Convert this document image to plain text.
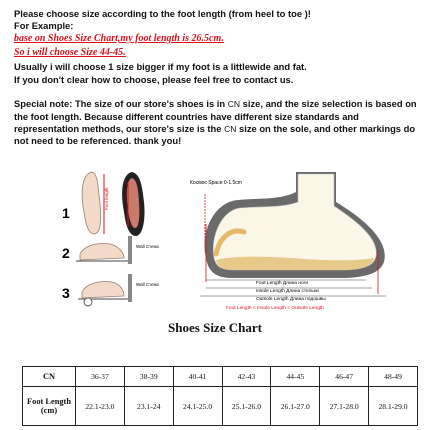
Please choose size according to the foot length (from heel to toe )!
For Example:
base on Shoes Size Chart,my foot length is 26.5cm.
So i will choose Size 44-45.
Usually i will choose 1 size bigger if my foot is a littlewide and fat.
If you don't clear how to choose, please feel free to contact us.
Special note: The size of our store's shoes is in CN size, and the size selection is based on the foot length. Because different countries have different size standards and representation methods, our store's size is the CN size on the sole, and other markings do not need to be referenced. thank you!
1
Foot length
2	Wall Стена
3
Wall Стена
Космос Space 0-1.5cm
Foot Length Длина ноги
Insole Length Длина стельки
Outsole Length Длина подошвы
Foot Length < Insole Length < Outsole Length
Shoes Size Chart
CN	36-37	38-39	40-41	42-43	44-45	46-47	48-49
Foot Length (cm)	22.1-23.0	23.1-24	24.1-25.0	25.1-26.0	26.1-27.0	27.1-28.0	28.1-29.0
